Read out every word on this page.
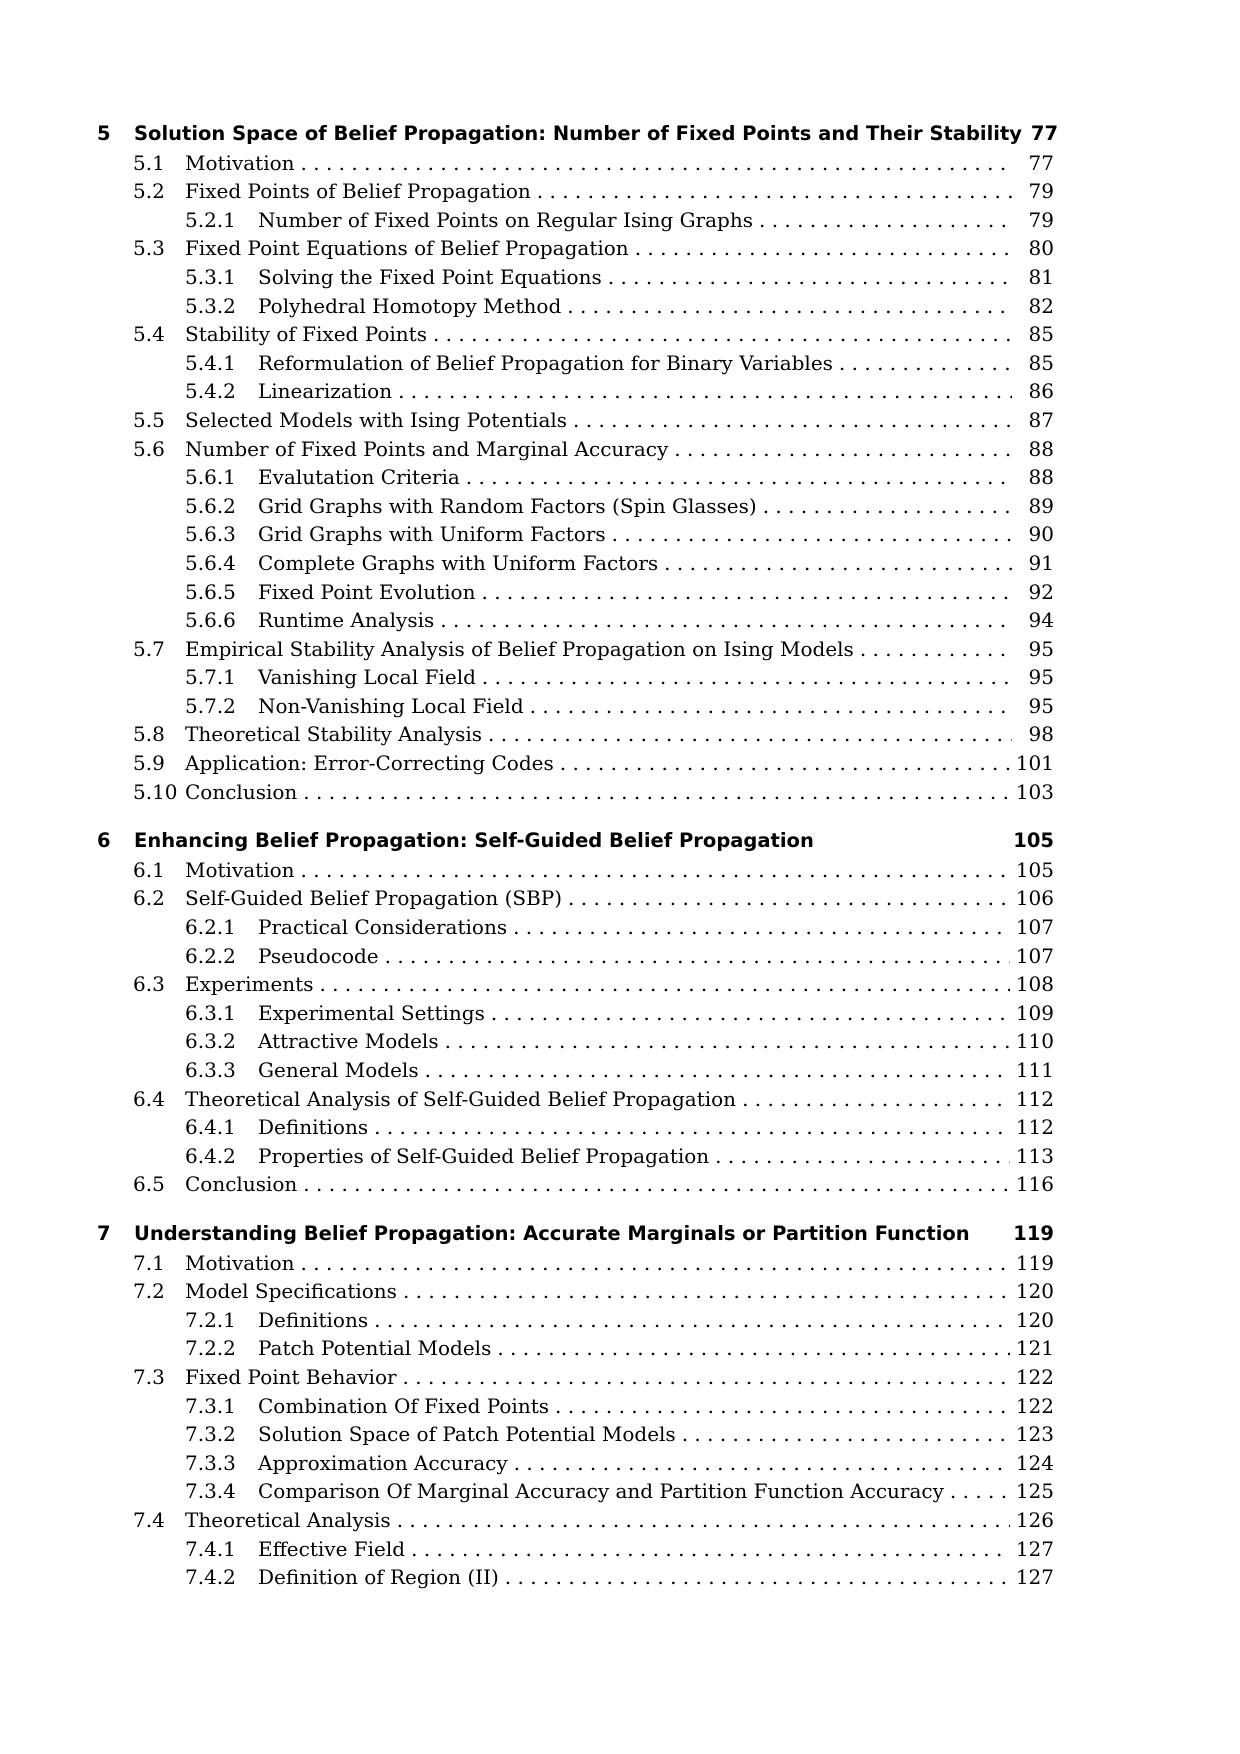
5	Solution Space of Belief Propagation: Number of Fixed Points and Their Stability 77
5.1	Motivation . . .	77
5.2	Fixed Points of Belief Propagation . . .	79
5.2.1	Number of Fixed Points on Regular Ising Graphs . . .	79
5.3	Fixed Point Equations of Belief Propagation . . .	80
5.3.1	Solving the Fixed Point Equations . . .	81
5.3.2	Polyhedral Homotopy Method . . .	82
5.4	Stability of Fixed Points . . .	85
5.4.1	Reformulation of Belief Propagation for Binary Variables . . .	85
5.4.2	Linearization . . .	86
5.5	Selected Models with Ising Potentials . . .	87
5.6	Number of Fixed Points and Marginal Accuracy . . .	88
5.6.1	Evalutation Criteria . . .	88
5.6.2	Grid Graphs with Random Factors (Spin Glasses) . . .	89
5.6.3	Grid Graphs with Uniform Factors . . .	90
5.6.4	Complete Graphs with Uniform Factors . . .	91
5.6.5	Fixed Point Evolution . . .	92
5.6.6	Runtime Analysis . . .	94
5.7	Empirical Stability Analysis of Belief Propagation on Ising Models . . .	95
5.7.1	Vanishing Local Field . . .	95
5.7.2	Non-Vanishing Local Field . . .	95
5.8	Theoretical Stability Analysis . . .	98
5.9	Application: Error-Correcting Codes . . .	101
5.10 Conclusion . . .	103
6	Enhancing Belief Propagation: Self-Guided Belief Propagation	105
6.1	Motivation . . .	105
6.2	Self-Guided Belief Propagation (SBP) . . .	106
6.2.1	Practical Considerations . . .	107
6.2.2	Pseudocode . . .	107
6.3	Experiments . . .	108
6.3.1	Experimental Settings . . .	109
6.3.2	Attractive Models . . .	110
6.3.3	General Models . . .	111
6.4	Theoretical Analysis of Self-Guided Belief Propagation . . .	112
6.4.1	Definitions . . .	112
6.4.2	Properties of Self-Guided Belief Propagation . . .	113
6.5	Conclusion . . .	116
7	Understanding Belief Propagation: Accurate Marginals or Partition Function 119
7.1	Motivation . . .	119
7.2	Model Specifications . . .	120
7.2.1	Definitions . . .	120
7.2.2	Patch Potential Models . . .	121
7.3	Fixed Point Behavior . . .	122
7.3.1	Combination Of Fixed Points . . .	122
7.3.2	Solution Space of Patch Potential Models . . .	123
7.3.3	Approximation Accuracy . . .	124
7.3.4	Comparison Of Marginal Accuracy and Partition Function Accuracy . . .	125
7.4	Theoretical Analysis . . .	126
7.4.1	Effective Field . . .	127
7.4.2	Definition of Region (II) . . .	127
